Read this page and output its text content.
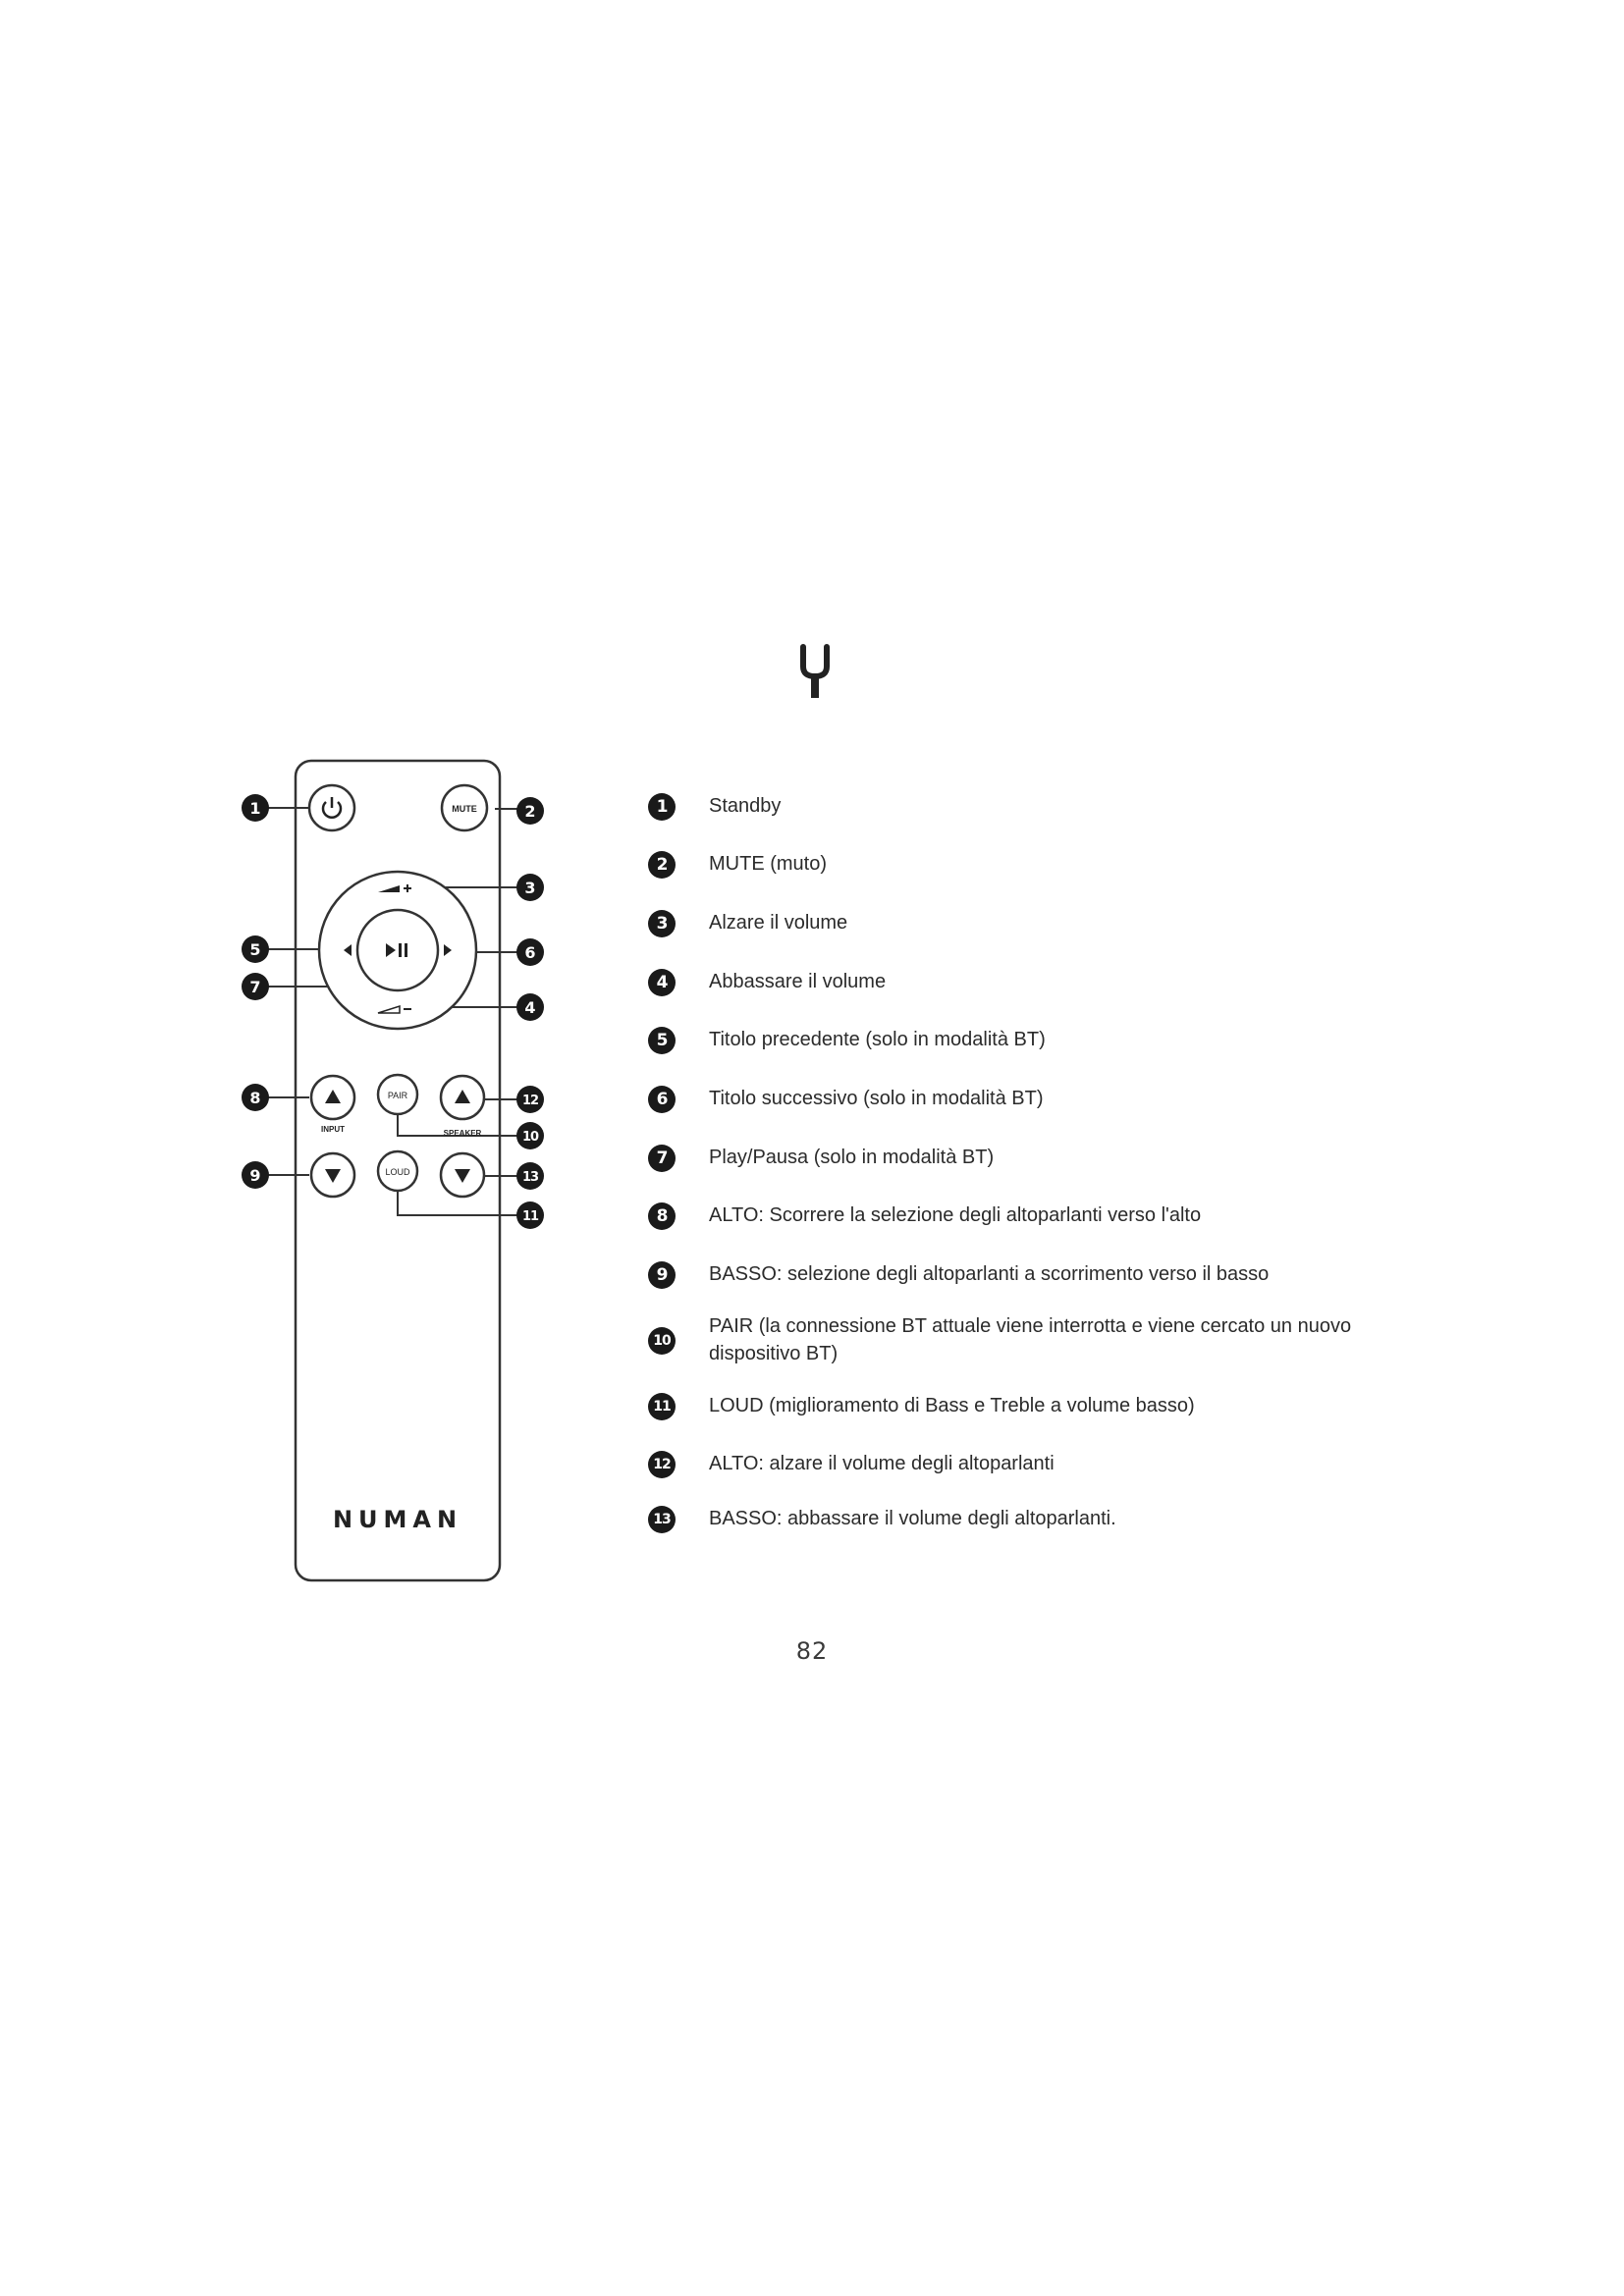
MUTE
PAIR
INPUT	SPEAKER
LOUD
NUMAN
1	2
3
4
5	6
7
8
9
10
11
12
13
1	Standby
2	MUTE (muto)
3	Alzare il volume
4	Abbassare il volume
5	Titolo precedente (solo in modalità BT)
6	Titolo successivo (solo in modalità BT)
7	Play/Pausa (solo in modalità BT)
8	ALTO: Scorrere la selezione degli altoparlanti verso l'alto
9	BASSO: selezione degli altoparlanti a scorrimento verso il basso
10
PAIR (la connessione BT attuale viene interrotta e viene cercato un nuovo dispositivo BT)
11 LOUD (miglioramento di Bass e Treble a volume basso)
12 ALTO: alzare il volume degli altoparlanti
13 BASSO: abbassare il volume degli altoparlanti.
82
